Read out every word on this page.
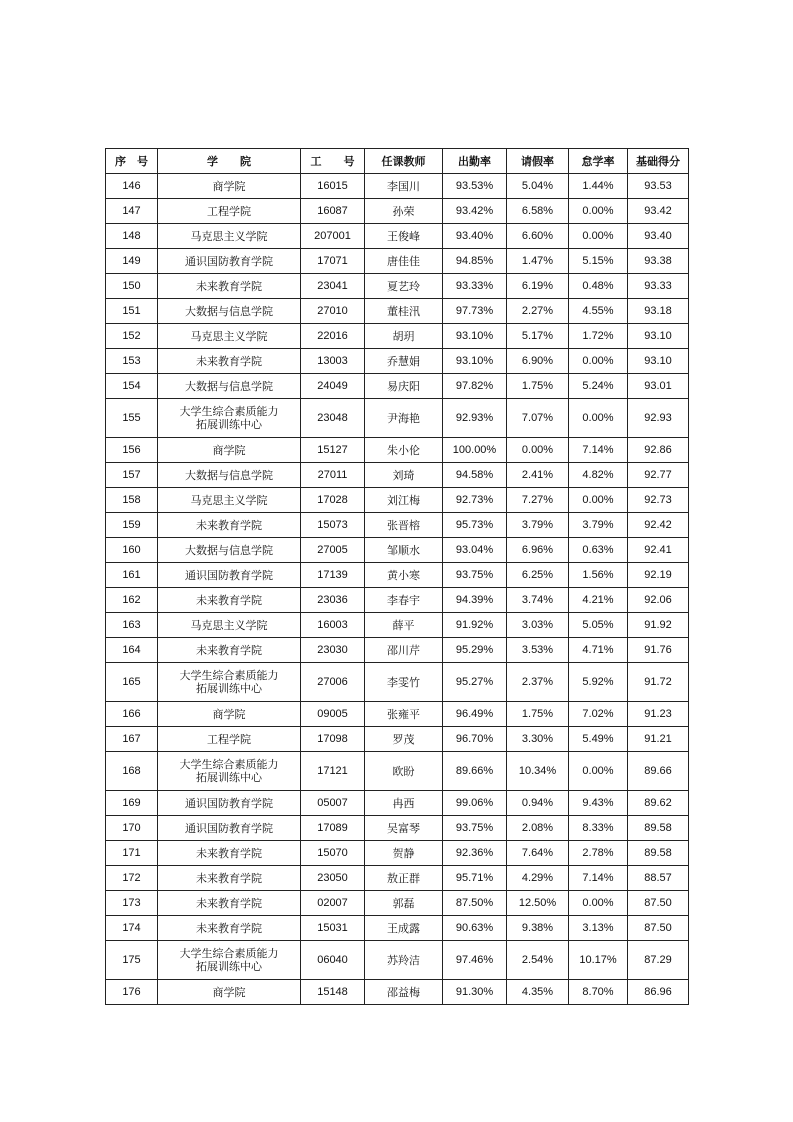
序　号	学　　院	工　　号	任课教师	出勤率	请假率	怠学率	基础得分
146	商学院	16015	李国川	93.53%	5.04%	1.44%	93.53
147	工程学院	16087	孙荣	93.42%	6.58%	0.00%	93.42
148	马克思主义学院	207001	王俊峰	93.40%	6.60%	0.00%	93.40
149	通识国防教育学院	17071	唐佳佳	94.85%	1.47%	5.15%	93.38
150	未来教育学院	23041	夏艺玲	93.33%	6.19%	0.48%	93.33
151	大数据与信息学院	27010	董桂汛	97.73%	2.27%	4.55%	93.18
152	马克思主义学院	22016	胡玥	93.10%	5.17%	1.72%	93.10
153	未来教育学院	13003	乔慧娟	93.10%	6.90%	0.00%	93.10
154	大数据与信息学院	24049	易庆阳	97.82%	1.75%	5.24%	93.01
155	大学生综合素质能力
拓展训练中心	23048	尹海艳	92.93%	7.07%	0.00%	92.93
156	商学院	15127	朱小伦	100.00%	0.00%	7.14%	92.86
157	大数据与信息学院	27011	刘琦	94.58%	2.41%	4.82%	92.77
158	马克思主义学院	17028	刘江梅	92.73%	7.27%	0.00%	92.73
159	未来教育学院	15073	张晋榕	95.73%	3.79%	3.79%	92.42
160	大数据与信息学院	27005	邹顺水	93.04%	6.96%	0.63%	92.41
161	通识国防教育学院	17139	黄小寒	93.75%	6.25%	1.56%	92.19
162	未来教育学院	23036	李春宇	94.39%	3.74%	4.21%	92.06
163	马克思主义学院	16003	薛平	91.92%	3.03%	5.05%	91.92
164	未来教育学院	23030	邵川芹	95.29%	3.53%	4.71%	91.76
165	大学生综合素质能力
拓展训练中心	27006	李雯竹	95.27%	2.37%	5.92%	91.72
166	商学院	09005	张雍平	96.49%	1.75%	7.02%	91.23
167	工程学院	17098	罗茂	96.70%	3.30%	5.49%	91.21
168	大学生综合素质能力
拓展训练中心	17121	欧盼	89.66%	10.34%	0.00%	89.66
169	通识国防教育学院	05007	冉西	99.06%	0.94%	9.43%	89.62
170	通识国防教育学院	17089	吴富琴	93.75%	2.08%	8.33%	89.58
171	未来教育学院	15070	贺静	92.36%	7.64%	2.78%	89.58
172	未来教育学院	23050	敖正群	95.71%	4.29%	7.14%	88.57
173	未来教育学院	02007	郭磊	87.50%	12.50%	0.00%	87.50
174	未来教育学院	15031	王成露	90.63%	9.38%	3.13%	87.50
175	大学生综合素质能力
拓展训练中心	06040	苏羚洁	97.46%	2.54%	10.17%	87.29
176	商学院	15148	邵益梅	91.30%	4.35%	8.70%	86.96
